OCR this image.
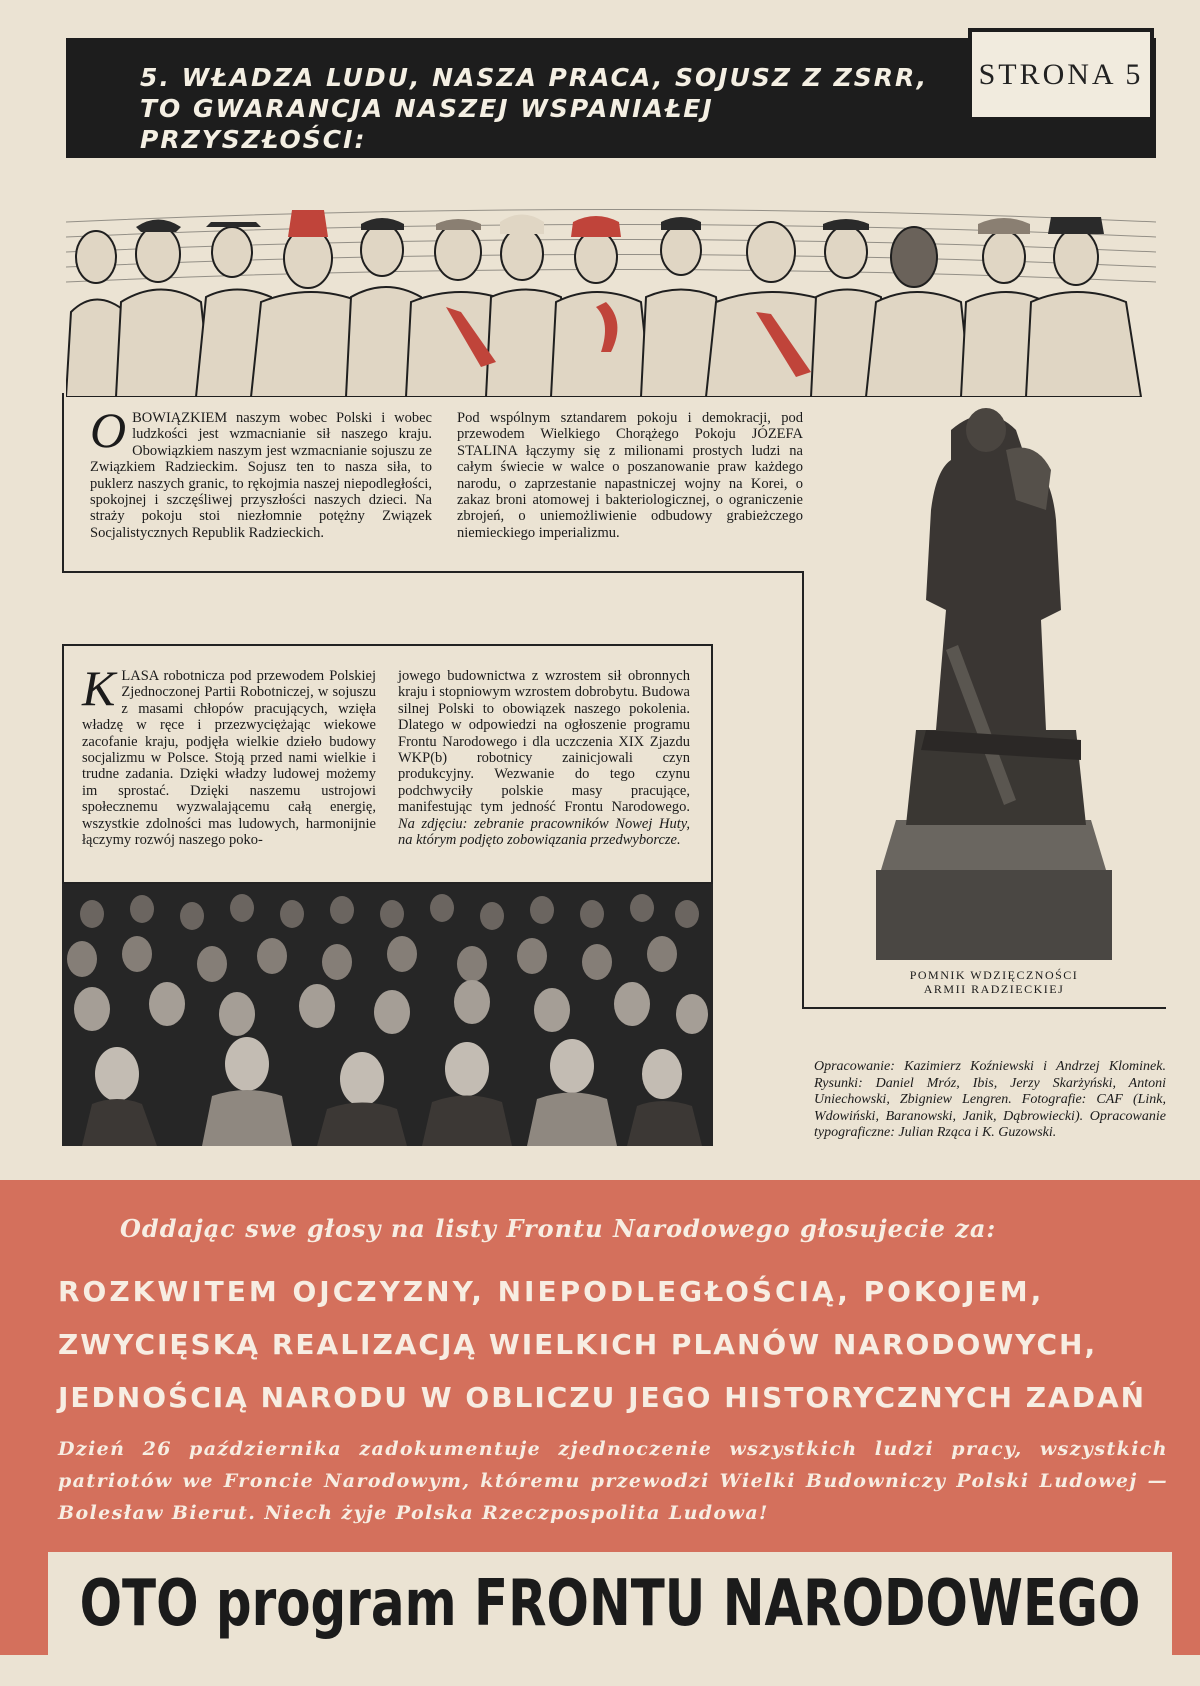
5. WŁADZA LUDU, NASZA PRACA, SOJUSZ Z ZSRR,
TO GWARANCJA NASZEJ WSPANIAŁEJ PRZYSZŁOŚCI:
STRONA 5
OBOWIĄZKIEM naszym wobec Polski i wobec ludzkości jest wzmacnianie sił naszego kraju. Obowiązkiem naszym jest wzmacnianie sojuszu ze Związkiem Radzieckim. Sojusz ten to nasza siła, to puklerz naszych granic, to rękojmia naszej niepodległości, spokojnej i szczęśliwej przyszłości naszych dzieci. Na straży pokoju stoi niezłomnie potężny Związek Socjalistycznych Republik Radzieckich.
Pod wspólnym sztandarem pokoju i demokracji, pod przewodem Wielkiego Chorążego Pokoju JÓZEFA STALINA łączymy się z milionami prostych ludzi na całym świecie w walce o poszanowanie praw każdego narodu, o zaprzestanie napastniczej wojny na Korei, o zakaz broni atomowej i bakteriologicznej, o ograniczenie zbrojeń, o uniemożliwienie odbudowy grabieżczego niemieckiego imperializmu.
POMNIK WDZIĘCZNOŚCI
ARMII RADZIECKIEJ
KLASA robotnicza pod przewodem Polskiej Zjednoczonej Partii Robotniczej, w sojuszu z masami chłopów pracujących, wzięła władzę w ręce i przezwyciężając wiekowe zacofanie kraju, podjęła wielkie dzieło budowy socjalizmu w Polsce. Stoją przed nami wielkie i trudne zadania. Dzięki władzy ludowej możemy im sprostać. Dzięki naszemu ustrojowi społecznemu wyzwalającemu całą energię, wszystkie zdolności mas ludowych, harmonijnie łączymy rozwój naszego poko-
jowego budownictwa z wzrostem sił obronnych kraju i stopniowym wzrostem dobrobytu. Budowa silnej Polski to obowiązek naszego pokolenia. Dlatego w odpowiedzi na ogłoszenie programu Frontu Narodowego i dla uczczenia XIX Zjazdu WKP(b) robotnicy zainicjowali czyn produkcyjny. Wezwanie do tego czynu podchwyciły polskie masy pracujące, manifestując tym jedność Frontu Narodowego. Na zdjęciu: zebranie pracowników Nowej Huty, na którym podjęto zobowiązania przedwyborcze.
Opracowanie: Kazimierz Koźniewski i Andrzej Klominek. Rysunki: Daniel Mróz, Ibis, Jerzy Skarżyński, Antoni Uniechowski, Zbigniew Lengren. Fotografie: CAF (Link, Wdowiński, Baranowski, Janik, Dąbrowiecki). Opracowanie typograficzne: Julian Rząca i K. Guzowski.
Oddając swe głosy na listy Frontu Narodowego głosujecie za:
ROZKWITEM OJCZYZNY, NIEPODLEGŁOŚCIĄ, POKOJEM,
ZWYCIĘSKĄ REALIZACJĄ WIELKICH PLANÓW NARODOWYCH,
JEDNOŚCIĄ NARODU W OBLICZU JEGO HISTORYCZNYCH ZADAŃ
Dzień 26 października zadokumentuje zjednoczenie wszystkich ludzi pracy, wszystkich patriotów we Froncie Narodowym, któremu przewodzi Wielki Budowniczy Polski Ludowej — Bolesław Bierut. Niech żyje Polska Rzeczpospolita Ludowa!
OTO program FRONTU NARODOWEGO
